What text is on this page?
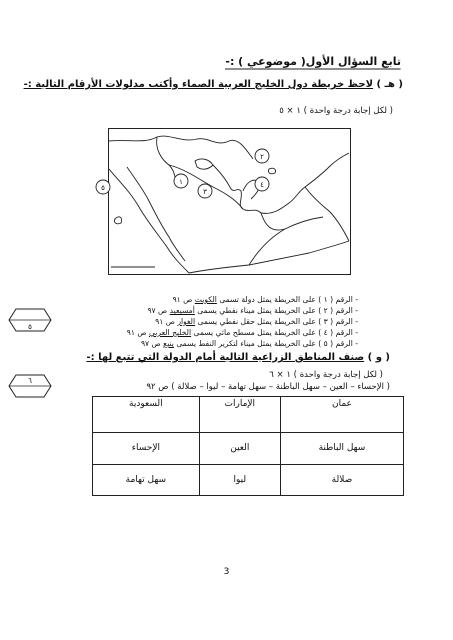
تابع السؤال الأول( موضوعي ) :-
( هـ ) لاحظ خريطة دول الخليج العربية الصماء وأكتب مدلولات الأرقام التالية :-
( لكل إجابة درجة واحدة ) ١ × ٥
١
٢
٣
٤
٥
- الرقم ( ١ ) على الخريطة يمثل دولة تسمى الكويت ص ٩١
- الرقم ( ٢ ) على الخريطة يمثل ميناء نفطي يسمى أمسيعيد ص ٩٧
- الرقم ( ٣ ) على الخريطة يمثل حقل نفطي يسمى الغوار ص ٩١
- الرقم ( ٤ ) على الخريطة يمثل مسطح مائي يسمى الخليج العربي ص ٩١
- الرقم ( ٥ ) على الخريطة يمثل ميناء لتكرير النفط يسمى ينبع ص ٩٧
٥
٦
( و ) صنف المناطق الزراعية التالية أمام الدولة التي تتبع لها :-
( لكل إجابة درجة واحدة ) ١ × ٦
( الإحساء – العين – سهل الباطنة – سهل تهامة – ليوا – صلالة ) ص ٩٢
عمان	الإمارات	السعودية
سهل الباطنة	العين	الإحساء
صلالة	ليوا	سهل تهامة
3
